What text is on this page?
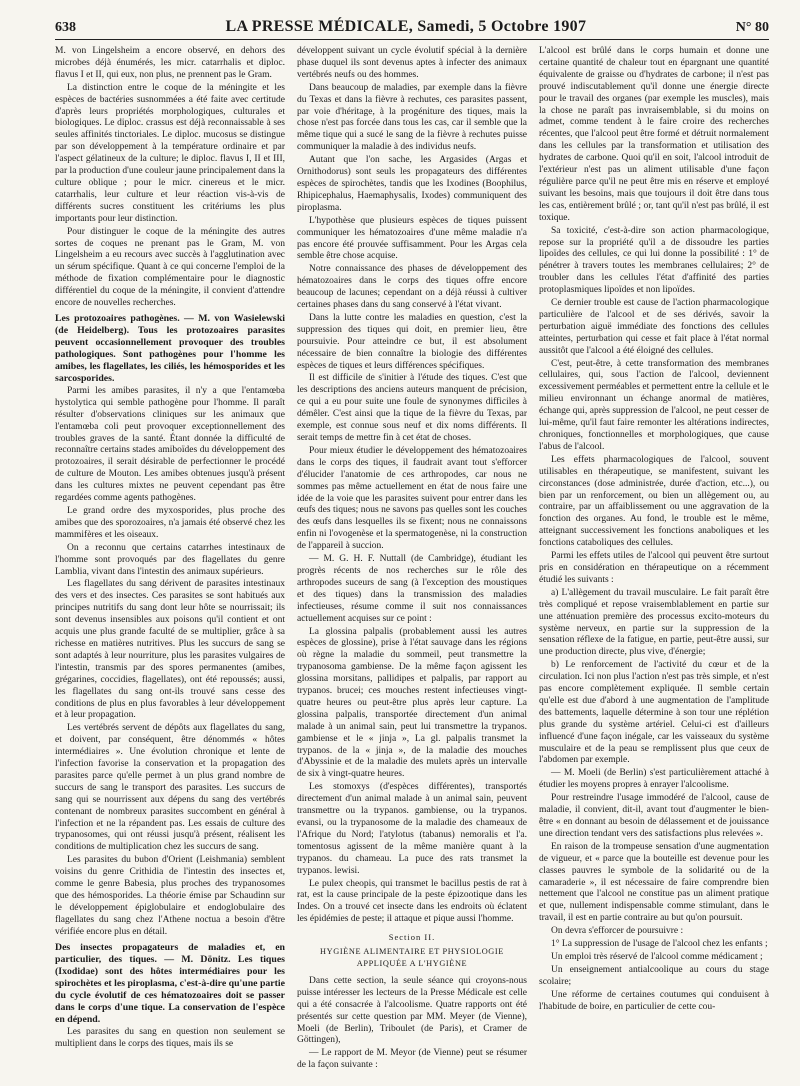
638	LA PRESSE MÉDICALE, Samedi, 5 Octobre 1907	N° 80

M. von Lingelsheim a encore observé, en dehors des microbes déjà énumérés, les micr. catarrhalis et diploc. flavus I et II, qui eux, non plus, ne prennent pas le Gram.

La distinction entre le coque de la méningite et les espèces de bactéries susnommées a été faite avec certitude d'après leurs propriétés morphologiques, culturales et biologiques. Le diploc. crassus est déjà reconnaissable à ses seules affinités tinctoriales. Le diploc. mucosus se distingue par son développement à la température ordinaire et par l'aspect gélatineux de la culture; le diploc. flavus I, II et III, par la production d'une couleur jaune principalement dans la culture oblique ; pour le micr. cinereus et le micr. catarrhalis, leur culture et leur réaction vis-à-vis de différents sucres constituent les critériums les plus importants pour leur distinction.

Pour distinguer le coque de la méningite des autres sortes de coques ne prenant pas le Gram, M. von Lingelsheim a eu recours avec succès à l'agglutination avec un sérum spécifique. Quant à ce qui concerne l'emploi de la méthode de fixation complémentaire pour le diagnostic différentiel du coque de la méningite, il convient d'attendre encore de nouvelles recherches.

Les protozoaires pathogènes. — M. von Wasielewski (de Heidelberg). Tous les protozoaires parasites peuvent occasionnellement provoquer des troubles pathologiques. Sont pathogènes pour l'homme les amibes, les flagellates, les ciliés, les hémosporides et les sarcosporides.

Parmi les amibes parasites, il n'y a que l'entamœba hystolytica qui semble pathogène pour l'homme. Il paraît résulter d'observations cliniques sur les animaux que l'entamœba coli peut provoquer exceptionnellement des troubles graves de la santé. Étant donnée la difficulté de reconnaître certains stades amiboïdes du développement des protozoaires, il serait désirable de perfectionner le procédé de culture de Mouton. Les amibes obtenues jusqu'à présent dans les cultures mixtes ne peuvent cependant pas être regardées comme agents pathogènes.

Le grand ordre des myxosporides, plus proche des amibes que des sporozoaires, n'a jamais été observé chez les mammifères et les oiseaux.

On a reconnu que certains catarrhes intestinaux de l'homme sont provoqués par des flagellates du genre Lamblia, vivant dans l'intestin des animaux supérieurs.

Les flagellates du sang dérivent de parasites intestinaux des vers et des insectes. Ces parasites se sont habitués aux principes nutritifs du sang dont leur hôte se nourrissait; ils sont devenus insensibles aux poisons qu'il contient et ont acquis une plus grande faculté de se multiplier, grâce à sa richesse en matières nutritives. Plus les succurs de sang se sont adaptés à leur nourriture, plus les parasites vulgaires de l'intestin, transmis par des spores permanentes (amibes, grégarines, coccidies, flagellates), ont été repoussés; aussi, les flagellates du sang ont-ils trouvé sans cesse des conditions de plus en plus favorables à leur développement et à leur propagation.

Les vertébrés servent de dépôts aux flagellates du sang, et doivent, par conséquent, être dénommés « hôtes intermédiaires ». Une évolution chronique et lente de l'infection favorise la conservation et la propagation des parasites parce qu'elle permet à un plus grand nombre de succurs de sang le transport des parasites. Les succurs de sang qui se nourrissent aux dépens du sang des vertébrés contenant de nombreux parasites succombent en général à l'infection et ne la répandent pas. Les essais de culture des trypanosomes, qui ont réussi jusqu'à présent, réalisent les conditions de multiplication chez les succurs de sang.

Les parasites du bubon d'Orient (Leishmania) semblent voisins du genre Crithidia de l'intestin des insectes et, comme le genre Babesia, plus proches des trypanosomes que des hémosporides. La théorie émise par Schaudinn sur le développement épiglobulaire et endoglobulaire des flagellates du sang chez l'Athene noctua a besoin d'être vérifiée encore plus en détail.

Des insectes propagateurs de maladies et, en particulier, des tiques. — M. Dönitz. Les tiques (Ixodidae) sont des hôtes intermédiaires pour les spirochètes et les piroplasma, c'est-à-dire qu'une partie du cycle évolutif de ces hématozoaires doit se passer dans le corps d'une tique. La conservation de l'espèce en dépend.

Les parasites du sang en question non seulement se multiplient dans le corps des tiques, mais ils se

développent suivant un cycle évolutif spécial à la dernière phase duquel ils sont devenus aptes à infecter des animaux vertébrés neufs ou des hommes.

Dans beaucoup de maladies, par exemple dans la fièvre du Texas et dans la fièvre à rechutes, ces parasites passent, par voie d'héritage, à la progéniture des tiques, mais la chose n'est pas forcée dans tous les cas, car il semble que la même tique qui a sucé le sang de la fièvre à rechutes puisse communiquer la maladie à des individus neufs.

Autant que l'on sache, les Argasides (Argas et Ornithodorus) sont seuls les propagateurs des différentes espèces de spirochètes, tandis que les Ixodines (Boophilus, Rhipicephalus, Haemaphysalis, Ixodes) communiquent des piroplasma.

L'hypothèse que plusieurs espèces de tiques puissent communiquer les hématozoaires d'une même maladie n'a pas encore été prouvée suffisamment. Pour les Argas cela semble être chose acquise.

Notre connaissance des phases de développement des hématozoaires dans le corps des tiques offre encore beaucoup de lacunes; cependant on a déjà réussi à cultiver certaines phases dans du sang conservé à l'état vivant.

Dans la lutte contre les maladies en question, c'est la suppression des tiques qui doit, en premier lieu, être poursuivie. Pour atteindre ce but, il est absolument nécessaire de bien connaître la biologie des différentes espèces de tiques et leurs différences spécifiques.

Il est difficile de s'initier à l'étude des tiques. C'est que les descriptions des anciens auteurs manquent de précision, ce qui a eu pour suite une foule de synonymes difficiles à démêler. C'est ainsi que la tique de la fièvre du Texas, par exemple, est connue sous neuf et dix noms différents. Il serait temps de mettre fin à cet état de choses.

Pour mieux étudier le développement des hématozoaires dans le corps des tiques, il faudrait avant tout s'efforcer d'élucider l'anatomie de ces arthropodes, car nous ne sommes pas même actuellement en état de nous faire une idée de la voie que les parasites suivent pour entrer dans les œufs des tiques; nous ne savons pas quelles sont les couches des œufs dans lesquelles ils se fixent; nous ne connaissons enfin ni l'ovogenèse et la spermatogenèse, ni la construction de l'appareil à succion.

— M. G. H. F. Nuttall (de Cambridge), étudiant les progrès récents de nos recherches sur le rôle des arthropodes suceurs de sang (à l'exception des moustiques et des tiques) dans la transmission des maladies infectieuses, résume comme il suit nos connaissances actuellement acquises sur ce point :

La glossina palpalis (probablement aussi les autres espèces de glossine), prise à l'état sauvage dans les régions où règne la maladie du sommeil, peut transmettre la trypanosoma gambiense. De la même façon agissent les glossina morsitans, pallidipes et palpalis, par rapport au trypanos. brucei; ces mouches restent infectieuses vingt-quatre heures ou peut-être plus après leur capture. La glossina palpalis, transportée directement d'un animal malade à un animal sain, peut lui transmettre la trypanos. gambiense et le « jinja », La gl. palpalis transmet la trypanos. de la « jinja », de la maladie des mouches d'Abyssinie et de la maladie des mulets après un intervalle de six à vingt-quatre heures.

Les stomoxys (d'espèces différentes), transportés directement d'un animal malade à un animal sain, peuvent transmettre ou la trypanos. gambiense, ou la trypanos. evansi, ou la trypanosome de la maladie des chameaux de l'Afrique du Nord; l'atylotus (tabanus) nemoralis et l'a. tomentosus agissent de la même manière quant à la trypanos. du chameau. La puce des rats transmet la trypanos. lewisi.

Le pulex cheopis, qui transmet le bacillus pestis de rat à rat, est la cause principale de la peste épizootique dans les Indes. On a trouvé cet insecte dans les endroits où éclatent les épidémies de peste; il attaque et pique aussi l'homme.

Section II.
HYGIÈNE ALIMENTAIRE ET PHYSIOLOGIE APPLIQUÉE A L'HYGIÈNE

Dans cette section, la seule séance qui croyons-nous puisse intéresser les lecteurs de la Presse Médicale est celle qui a été consacrée à l'alcoolisme. Quatre rapports ont été présentés sur cette question par MM. Meyer (de Vienne), Moeli (de Berlin), Triboulet (de Paris), et Cramer de Göttingen),

— Le rapport de M. Meyor (de Vienne) peut se résumer de la façon suivante :

L'alcool est brûlé dans le corps humain et donne une certaine quantité de chaleur tout en épargnant une quantité équivalente de graisse ou d'hydrates de carbone; il n'est pas prouvé indiscutablement qu'il donne une énergie directe pour le travail des organes (par exemple les muscles), mais la chose ne paraît pas invraisemblable, si du moins on admet, comme tendent à le faire croire des recherches récentes, que l'alcool peut être formé et détruit normalement dans les cellules par la transformation et utilisation des hydrates de carbone. Quoi qu'il en soit, l'alcool introduit de l'extérieur n'est pas un aliment utilisable d'une façon régulière parce qu'il ne peut être mis en réserve et employé suivant les besoins, mais que toujours il doit être dans tous les cas, entièrement brûlé ; or, tant qu'il n'est pas brûlé, il est toxique.

Sa toxicité, c'est-à-dire son action pharmacologique, repose sur la propriété qu'il a de dissoudre les parties lipoïdes des cellules, ce qui lui donne la possibilité : 1° de pénétrer à travers toutes les membranes cellulaires; 2° de troubler dans les cellules l'état d'affinité des parties protoplasmiques lipoïdes et non lipoïdes.

Ce dernier trouble est cause de l'action pharmacologique particulière de l'alcool et de ses dérivés, savoir la perturbation aiguë immédiate des fonctions des cellules atteintes, perturbation qui cesse et fait place à l'état normal aussitôt que l'alcool a été éloigné des cellules.

C'est, peut-être, à cette transformation des membranes cellulaires, qui, sous l'action de l'alcool, deviennent excessivement perméables et permettent entre la cellule et le milieu environnant un échange anormal de matières, échange qui, après suppression de l'alcool, ne peut cesser de lui-même, qu'il faut faire remonter les altérations indirectes, chroniques, fonctionnelles et morphologiques, que cause l'abus de l'alcool.

Les effets pharmacologiques de l'alcool, souvent utilisables en thérapeutique, se manifestent, suivant les circonstances (dose administrée, durée d'action, etc...), ou bien par un renforcement, ou bien un allègement ou, au contraire, par un affaiblissement ou une aggravation de la fonction des organes. Au fond, le trouble est le même, atteignant successivement les fonctions anaboliques et les fonctions cataboliques des cellules.

Parmi les effets utiles de l'alcool qui peuvent être surtout pris en considération en thérapeutique on a récemment étudié les suivants :

a) L'allègement du travail musculaire. Le fait paraît être très compliqué et repose vraisemblablement en partie sur une atténuation première des processus excito-moteurs du système nerveux, en partie sur la suppression de la sensation réflexe de la fatigue, en partie, peut-être aussi, sur une production directe, plus vive, d'énergie;

b) Le renforcement de l'activité du cœur et de la circulation. Ici non plus l'action n'est pas très simple, et n'est pas encore complètement expliquée. Il semble certain qu'elle est due d'abord à une augmentation de l'amplitude des battements, laquelle détermine à son tour une réplétion plus grande du système artériel. Celui-ci est d'ailleurs influencé d'une façon inégale, car les vaisseaux du système musculaire et de la peau se remplissent plus que ceux de l'abdomen par exemple.

— M. Moeli (de Berlin) s'est particulièrement attaché à étudier les moyens propres à enrayer l'alcoolisme.

Pour restreindre l'usage immodéré de l'alcool, cause de maladie, il convient, dit-il, avant tout d'augmenter le bien-être « en donnant au besoin de délassement et de jouissance une direction tendant vers des satisfactions plus relevées ».

En raison de la trompeuse sensation d'une augmentation de vigueur, et « parce que la bouteille est devenue pour les classes pauvres le symbole de la solidarité ou de la camaraderie », il est nécessaire de faire comprendre bien nettement que l'alcool ne constitue pas un aliment pratique et que, nullement indispensable comme stimulant, dans le travail, il est en partie contraire au but qu'on poursuit.

On devra s'efforcer de poursuivre :

1° La suppression de l'usage de l'alcool chez les enfants ;

Un emploi très réservé de l'alcool comme médicament ;

Un enseignement antialcoolique au cours du stage scolaire;

Une réforme de certaines coutumes qui conduisent à l'habitude de boire, en particulier de cette cou-
